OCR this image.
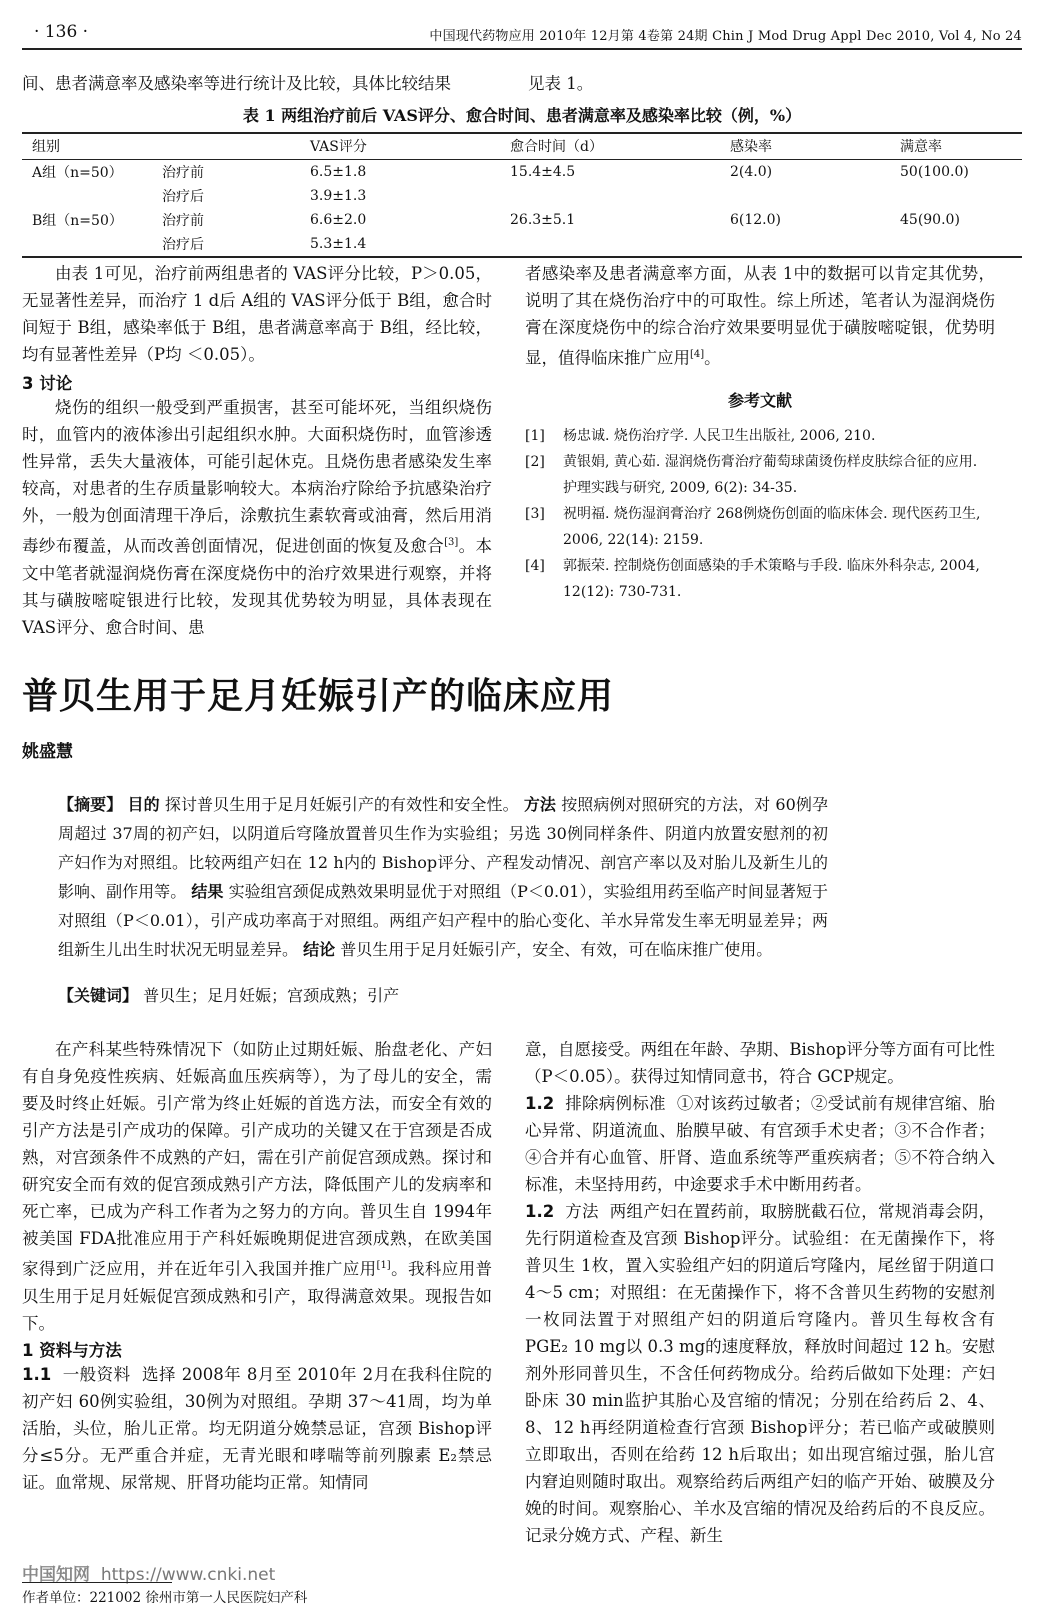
· 136 ·	中国现代药物应用 2010年 12月第 4卷第 24期 Chin J Mod Drug Appl Dec 2010, Vol 4, No 24
间、患者满意率及感染率等进行统计及比较，具体比较结果	见表 1。
表 1 两组治疗前后 VAS评分、愈合时间、患者满意率及感染率比较（例，%）
组别		VAS评分	愈合时间（d）	感染率	满意率
A组（n=50）	治疗前	6.5±1.8	15.4±4.5	2(4.0)	50(100.0)
	治疗后	3.9±1.3			
B组（n=50）	治疗前	6.6±2.0	26.3±5.1	6(12.0)	45(90.0)
	治疗后	5.3±1.4			
由表 1可见，治疗前两组患者的 VAS评分比较，P＞0.05，无显著性差异，而治疗 1 d后 A组的 VAS评分低于 B组，愈合时间短于 B组，感染率低于 B组，患者满意率高于 B组，经比较，均有显著性差异（P均 ＜0.05）。
3 讨论
烧伤的组织一般受到严重损害，甚至可能坏死，当组织烧伤时，血管内的液体渗出引起组织水肿。大面积烧伤时，血管渗透性异常，丢失大量液体，可能引起休克。且烧伤患者感染发生率较高，对患者的生存质量影响较大。本病治疗除给予抗感染治疗外，一般为创面清理干净后，涂敷抗生素软膏或油膏，然后用消毒纱布覆盖，从而改善创面情况，促进创面的恢复及愈合[3]。本文中笔者就湿润烧伤膏在深度烧伤中的治疗效果进行观察，并将其与磺胺嘧啶银进行比较，发现其优势较为明显，具体表现在 VAS评分、愈合时间、患
者感染率及患者满意率方面，从表 1中的数据可以肯定其优势，说明了其在烧伤治疗中的可取性。综上所述，笔者认为湿润烧伤膏在深度烧伤中的综合治疗效果要明显优于磺胺嘧啶银，优势明显，值得临床推广应用[4]。
参考文献
[1]	杨忠诚. 烧伤治疗学. 人民卫生出版社, 2006, 210.
[2]	黄银娟, 黄心茹. 湿润烧伤膏治疗葡萄球菌烫伤样皮肤综合征的应用. 护理实践与研究, 2009, 6(2): 34-35.
[3]	祝明福. 烧伤湿润膏治疗 268例烧伤创面的临床体会. 现代医药卫生, 2006, 22(14): 2159.
[4]	郭振荣. 控制烧伤创面感染的手术策略与手段. 临床外科杂志, 2004, 12(12): 730-731.
普贝生用于足月妊娠引产的临床应用
姚盛慧
【摘要】 目的 探讨普贝生用于足月妊娠引产的有效性和安全性。 方法 按照病例对照研究的方法，对 60例孕周超过 37周的初产妇，以阴道后穹隆放置普贝生作为实验组；另选 30例同样条件、阴道内放置安慰剂的初产妇作为对照组。比较两组产妇在 12 h内的 Bishop评分、产程发动情况、剖宫产率以及对胎儿及新生儿的影响、副作用等。 结果 实验组宫颈促成熟效果明显优于对照组（P＜0.01），实验组用药至临产时间显著短于对照组（P＜0.01），引产成功率高于对照组。两组产妇产程中的胎心变化、羊水异常发生率无明显差异；两组新生儿出生时状况无明显差异。 结论 普贝生用于足月妊娠引产，安全、有效，可在临床推广使用。
【关键词】 普贝生；足月妊娠；宫颈成熟；引产
在产科某些特殊情况下（如防止过期妊娠、胎盘老化、产妇有自身免疫性疾病、妊娠高血压疾病等），为了母儿的安全，需要及时终止妊娠。引产常为终止妊娠的首选方法，而安全有效的引产方法是引产成功的保障。引产成功的关键又在于宫颈是否成熟，对宫颈条件不成熟的产妇，需在引产前促宫颈成熟。探讨和研究安全而有效的促宫颈成熟引产方法，降低围产儿的发病率和死亡率，已成为产科工作者为之努力的方向。普贝生自 1994年被美国 FDA批准应用于产科妊娠晚期促进宫颈成熟，在欧美国家得到广泛应用，并在近年引入我国并推广应用[1]。我科应用普贝生用于足月妊娠促宫颈成熟和引产，取得满意效果。现报告如下。
1 资料与方法
1.1 一般资料 选择 2008年 8月至 2010年 2月在我科住院的初产妇 60例实验组，30例为对照组。孕期 37～41周，均为单活胎，头位，胎儿正常。均无阴道分娩禁忌证，宫颈 Bishop评分≤5分。无严重合并症，无青光眼和哮喘等前列腺素 E₂禁忌证。血常规、尿常规、肝肾功能均正常。知情同
意，自愿接受。两组在年龄、孕期、Bishop评分等方面有可比性（P＜0.05）。获得过知情同意书，符合 GCP规定。
1.2 排除病例标准 ①对该药过敏者；②受试前有规律宫缩、胎心异常、阴道流血、胎膜早破、有宫颈手术史者；③不合作者；④合并有心血管、肝肾、造血系统等严重疾病者；⑤不符合纳入标准，未坚持用药，中途要求手术中断用药者。
1.2 方法 两组产妇在置药前，取膀胱截石位，常规消毒会阴，先行阴道检查及宫颈 Bishop评分。试验组：在无菌操作下，将普贝生 1枚，置入实验组产妇的阴道后穹隆内，尾丝留于阴道口 4～5 cm；对照组：在无菌操作下，将不含普贝生药物的安慰剂一枚同法置于对照组产妇的阴道后穹隆内。普贝生每枚含有 PGE₂ 10 mg以 0.3 mg的速度释放，释放时间超过 12 h。安慰剂外形同普贝生，不含任何药物成分。给药后做如下处理：产妇卧床 30 min监护其胎心及宫缩的情况；分别在给药后 2、4、8、12 h再经阴道检查行宫颈 Bishop评分；若已临产或破膜则立即取出，否则在给药 12 h后取出；如出现宫缩过强，胎儿宫内窘迫则随时取出。观察给药后两组产妇的临产开始、破膜及分娩的时间。观察胎心、羊水及宫缩的情况及给药后的不良反应。记录分娩方式、产程、新生
中国知网 https://www.cnki.net
作者单位：221002 徐州市第一人民医院妇产科
